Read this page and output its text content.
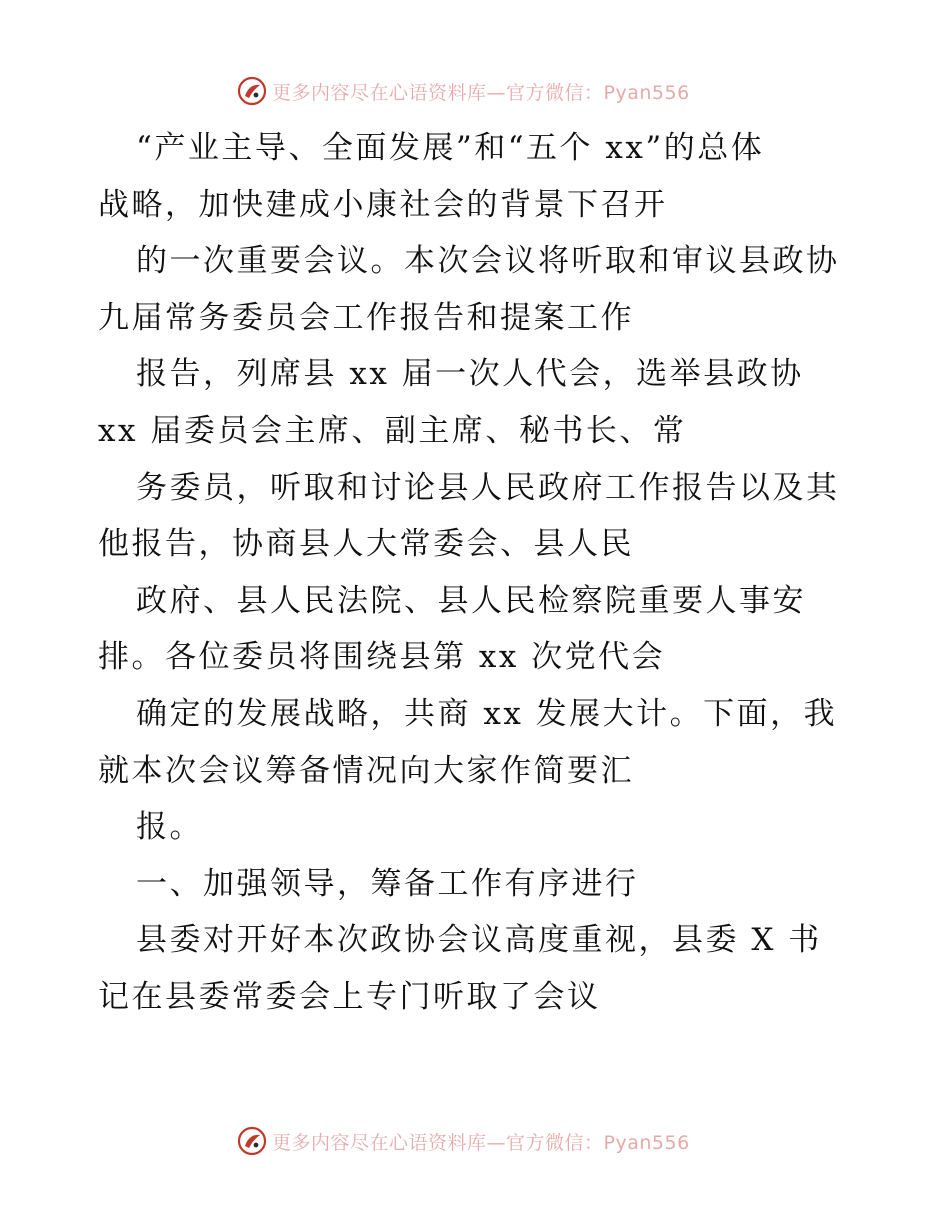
更多内容尽在心语资料库—官方微信：Pyan556
“产业主导、全面发展”和“五个 xx”的总体
战略，加快建成小康社会的背景下召开
的一次重要会议。本次会议将听取和审议县政协
九届常务委员会工作报告和提案工作
报告，列席县 xx 届一次人代会，选举县政协
xx 届委员会主席、副主席、秘书长、常
务委员，听取和讨论县人民政府工作报告以及其
他报告，协商县人大常委会、县人民
政府、县人民法院、县人民检察院重要人事安
排。各位委员将围绕县第 xx 次党代会
确定的发展战略，共商 xx 发展大计。下面，我
就本次会议筹备情况向大家作简要汇
报。
一、加强领导，筹备工作有序进行
县委对开好本次政协会议高度重视，县委 X 书
记在县委常委会上专门听取了会议
更多内容尽在心语资料库—官方微信：Pyan556
